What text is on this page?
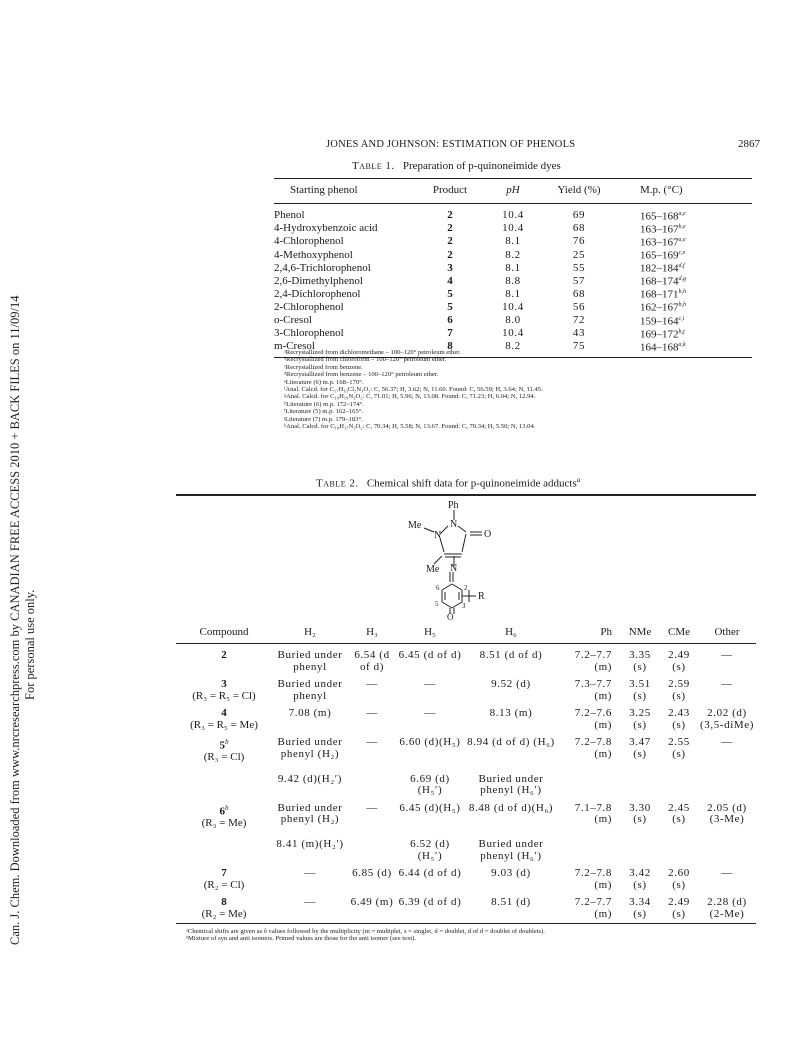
Can. J. Chem. Downloaded from www.nrcresearchpress.com by CANADIAN FREE ACCESS 2010 + BACK FILES on 11/09/14 For personal use only.
JONES AND JOHNSON: ESTIMATION OF PHENOLS	2867
Table 1. Preparation of p-quinoneimide dyes
Starting phenol	Product	pH	Yield (%)	M.p. (°C)
Phenol	2	10.4	69	165–168$^{a,e}$
4-Hydroxybenzoic acid	2	10.4	68	163–167$^{b,e}$
4-Chlorophenol	2	8.1	76	163–167$^{a,e}$
4-Methoxyphenol	2	8.2	25	165–169$^{c,e}$
2,4,6-Trichlorophenol	3	8.1	55	182–184$^{d,f}$
2,6-Dimethylphenol	4	8.8	57	168–174$^{d,g}$
2,4-Dichlorophenol	5	8.1	68	168–171$^{b,h}$
2-Chlorophenol	5	10.4	56	162–167$^{b,h}$
o-Cresol	6	8.0	72	159–164$^{c,i}$
3-Chlorophenol	7	10.4	43	169–172$^{b,j}$
m-Cresol	8	8.2	75	164–168$^{a,k}$
ᵃRecrystallized from dichloromethane – 100–120° petroleum ether.
ᵇRecrystallized from chloroform – 100–120° petroleum ether.
ᶜRecrystallized from benzene.
ᵈRecrystallized from benzene – 100–120° petroleum ether.
ᵉLiterature (6) m.p. 168–170°.
ᶠAnal. Calcd. for C₁₇H₁₃Cl₂N₃O₂: C, 56.37; H, 3.62; N, 11.60. Found: C, 56.59; H, 3.64; N, 11.45.
ᵍAnal. Calcd. for C₁₉H₁₉N₃O₂: C, 71.01; H, 5.96; N, 13.08. Found: C, 71.23; H, 6.04; N, 12.94.
ʰLiterature (6) m.p. 172–174°.
ⁱLiterature (5) m.p. 162–165°.
ʲLiterature (7) m.p. 179–183°.
ᵏAnal. Calcd. for C₁₈H₁₇N₃O₂: C, 70.34; H, 5.58; N, 13.67. Found: C, 70.34; H, 5.50; N, 13.04.
Table 2. Chemical shift data for p-quinoneimide adducts$^a$
Ph
N
N
Me
O
Me N
6	2
5	3
R
O
Compound	H₂	H₃	H₅	H₆	Ph	NMe	CMe	Other
2	Buried under phenyl	6.54 (d of d)	6.45 (d of d)	8.51 (d of d)	7.2–7.7 (m)	3.35 (s)	2.49 (s)	—
3
(R₃ = R₅ = Cl)	Buried under phenyl	—	—	9.52 (d)	7.3–7.7 (m)	3.51 (s)	2.59 (s)	—
4
(R₃ = R₅ = Me)	7.08 (m)	—	—	8.13 (m)	7.2–7.6 (m)	3.25 (s)	2.43 (s)	2.02 (d)(3,5-diMe)
5$^b$
(R₃ = Cl)	Buried under phenyl (H₂)	—	6.60 (d)(H₅)	8.94 (d of d) (H₆)	7.2–7.8 (m)	3.47 (s)	2.55 (s)	—
	9.42 (d)(H₂′)		6.69 (d)(H₅′)	Buried under phenyl (H₆′)				
6$^b$
(R₃ = Me)	Buried under phenyl (H₂)	—	6.45 (d)(H₅)	8.48 (d of d)(H₆)	7.1–7.8 (m)	3.30 (s)	2.45 (s)	2.05 (d)(3-Me)
	8.41 (m)(H₂′)		6.52 (d)(H₅′)	Buried under phenyl (H₆′)				
7
(R₂ = Cl)	—	6.85 (d)	6.44 (d of d)	9.03 (d)	7.2–7.8 (m)	3.42 (s)	2.60 (s)	—
8
(R₂ = Me)	—	6.49 (m)	6.39 (d of d)	8.51 (d)	7.2–7.7 (m)	3.34 (s)	2.49 (s)	2.28 (d)(2-Me)
ᵃChemical shifts are given as δ values followed by the multiplicity (m = multiplet, s = singlet, d = doublet, d of d = doublet of doublets).
ᵇMixture of syn and anti isomers. Primed values are those for the anti isomer (see text).
